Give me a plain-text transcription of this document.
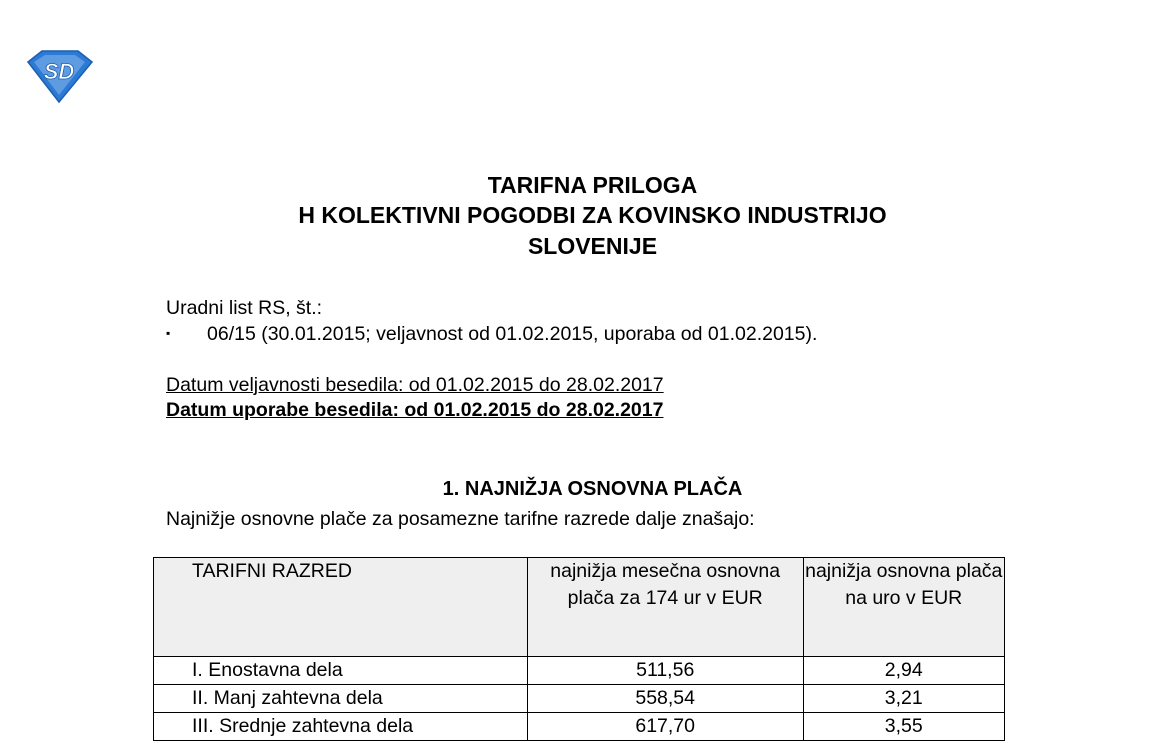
SD
TARIFNA PRILOGA
H KOLEKTIVNI POGODBI ZA KOVINSKO INDUSTRIJO
SLOVENIJE
Uradni list RS, št.:
▪ 06/15 (30.01.2015; veljavnost od 01.02.2015, uporaba od 01.02.2015).
Datum veljavnosti besedila: od 01.02.2015 do 28.02.2017
Datum uporabe besedila: od 01.02.2015 do 28.02.2017
1. NAJNIŽJA OSNOVNA PLAČA
Najnižje osnovne plače za posamezne tarifne razrede dalje znašajo:
TARIFNI RAZRED	najnižja mesečna osnovna plača za 174 ur v EUR	najnižja osnovna plača na uro v EUR
I. Enostavna dela	511,56	2,94
II. Manj zahtevna dela	558,54	3,21
III. Srednje zahtevna dela	617,70	3,55
